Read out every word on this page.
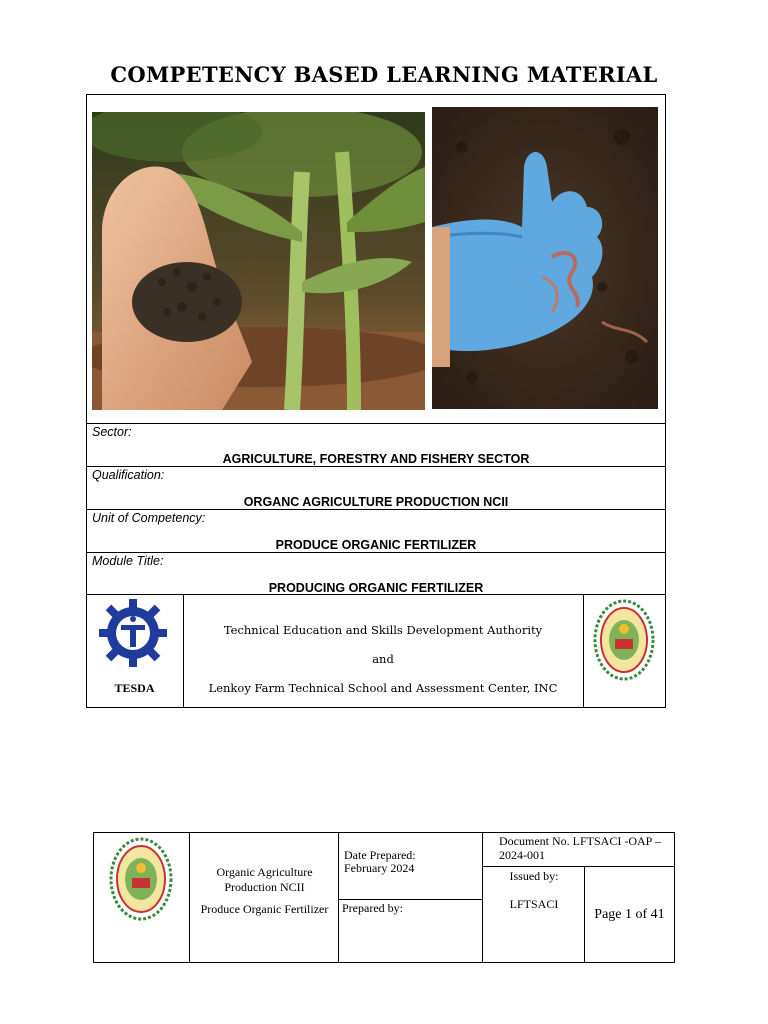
COMPETENCY BASED LEARNING MATERIAL
Sector:
AGRICULTURE, FORESTRY AND FISHERY SECTOR
Qualification:
ORGANC AGRICULTURE PRODUCTION NCII
Unit of Competency:
PRODUCE ORGANIC FERTILIZER
Module Title:
PRODUCING ORGANIC FERTILIZER
TESDA
Technical Education and Skills Development Authority
and
Lenkoy Farm Technical School and Assessment Center, INC
Organic Agriculture Production NCII
Produce Organic Fertilizer
Date Prepared:
February 2024
Prepared by:
Document No. LFTSACI -OAP – 2024-001
Issued by:
LFTSACI
Page 1 of 41
